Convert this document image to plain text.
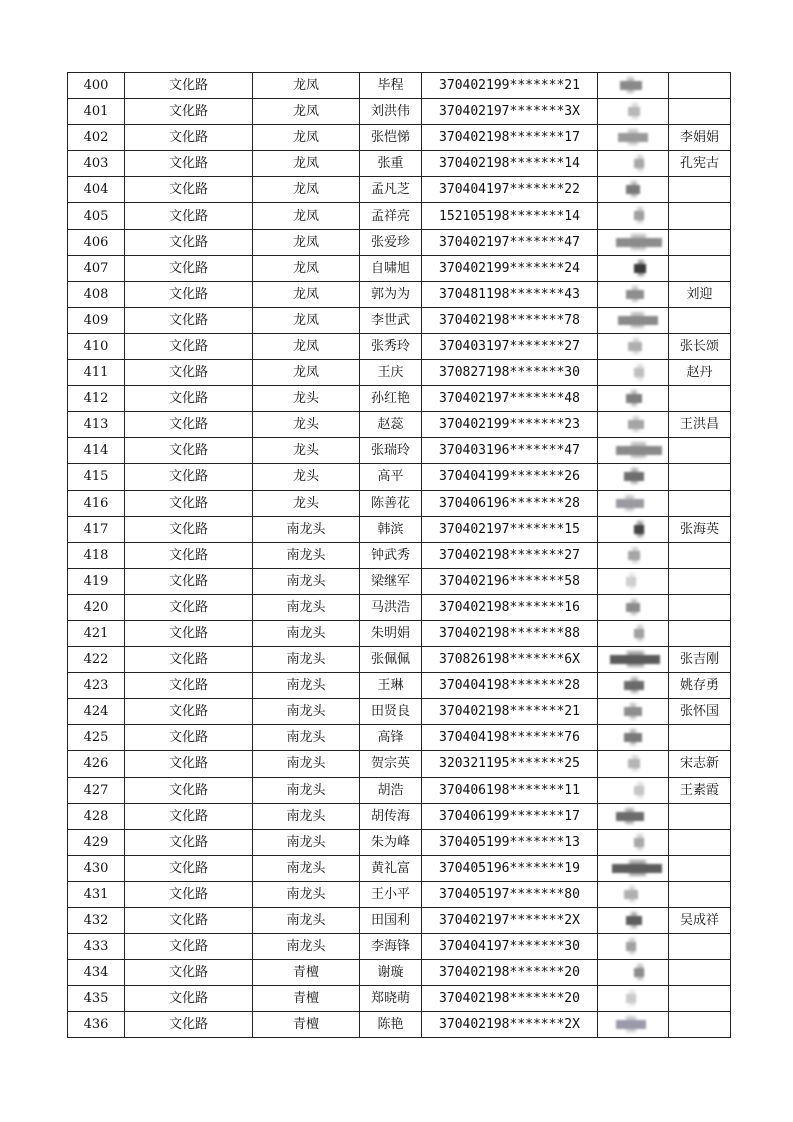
400	文化路	龙凤	毕程	370402199*******21	

401	文化路	龙凤	刘洪伟	370402197*******3X	

402	文化路	龙凤	张恺悌	370402198*******17		李娟娟
403	文化路	龙凤	张重	370402198*******14		孔宪古
404	文化路	龙凤	孟凡芝	370404197*******22	

405	文化路	龙凤	孟祥亮	152105198*******14	

406	文化路	龙凤	张爱珍	370402197*******47	

407	文化路	龙凤	自啸旭	370402199*******24	

408	文化路	龙凤	郭为为	370481198*******43		刘迎
409	文化路	龙凤	李世武	370402198*******78	

410	文化路	龙凤	张秀玲	370403197*******27		张长颂
411	文化路	龙凤	王庆	370827198*******30		赵丹
412	文化路	龙头	孙红艳	370402197*******48	

413	文化路	龙头	赵蕊	370402199*******23		王洪昌
414	文化路	龙头	张瑞玲	370403196*******47	

415	文化路	龙头	高平	370404199*******26	

416	文化路	龙头	陈善花	370406196*******28	

417	文化路	南龙头	韩滨	370402197*******15		张海英
418	文化路	南龙头	钟武秀	370402198*******27	

419	文化路	南龙头	梁继军	370402196*******58	

420	文化路	南龙头	马洪浩	370402198*******16	

421	文化路	南龙头	朱明娟	370402198*******88	

422	文化路	南龙头	张佩佩	370826198*******6X		张吉刚
423	文化路	南龙头	王琳	370404198*******28		姚存勇
424	文化路	南龙头	田贤良	370402198*******21		张怀国
425	文化路	南龙头	高锋	370404198*******76	

426	文化路	南龙头	贺宗英	320321195*******25		宋志新
427	文化路	南龙头	胡浩	370406198*******11		王素霞
428	文化路	南龙头	胡传海	370406199*******17	

429	文化路	南龙头	朱为峰	370405199*******13	

430	文化路	南龙头	黄礼富	370405196*******19	

431	文化路	南龙头	王小平	370405197*******80	

432	文化路	南龙头	田国利	370402197*******2X		吴成祥
433	文化路	南龙头	李海锋	370404197*******30	

434	文化路	青檀	谢璇	370402198*******20	

435	文化路	青檀	郑晓萌	370402198*******20	

436	文化路	青檀	陈艳	370402198*******2X	
